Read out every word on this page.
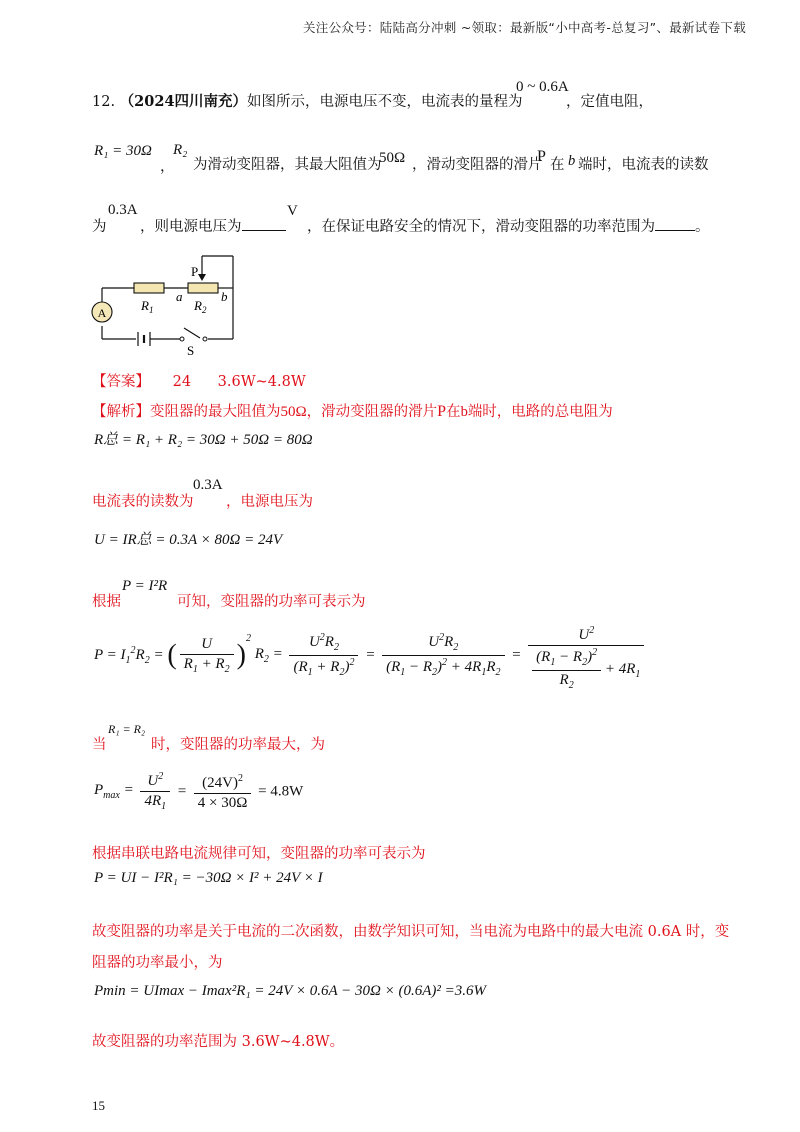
关注公众号：陆陆高分冲刺 ~领取：最新版“小中高考-总复习”、最新试卷下载
12. （2024四川南充）如图所示，电源电压不变，电流表的量程为
0 ~ 0.6A
，定值电阻，
R₁ = 30Ω
，
R₂
为滑动变阻器，其最大阻值为
50Ω ，滑动变阻器的滑片
P 在 b 端时，电流表的读数
为
0.3A
，则电源电压为
V
，在保证电路安全的情况下，滑动变阻器的功率范围为	。
A	$R_1$
a
$R_2$
b
P
S
【答案】 24 3.6W~4.8W
【解析】变阻器的最大阻值为50Ω，滑动变阻器的滑片P在b端时，电路的总电阻为
R总 = R₁ + R₂ = 30Ω + 50Ω = 80Ω
电流表的读数为
0.3A
，电源电压为
U = IR总 = 0.3A × 80Ω = 24V
根据
P = I²R
可知，变阻器的功率可表示为
$P = I_1^2R_2$ = ( $\frac{U}{R_1 + R_2} )^2$ $R_2 = \frac{U^2R_2}{(R_1 + R_2)^2} = \frac{U^2R_2}{(R_1 - R_2)^2 + 4R_1R_2} = \frac{U^2}{\frac{(R_1 - R_2)^2}{R_2} + 4R_1}$
当
R₁ = R₂
时，变阻器的功率最大，为
$P_{max} = \frac{U^2}{4R_1} = \frac{(24V)^2}{4 \times 30\Omega} = 4.8W$
根据串联电路电流规律可知，变阻器的功率可表示为
P = UI − I²R₁ = −30Ω × I² + 24V × I
故变阻器的功率是关于电流的二次函数，由数学知识可知，当电流为电路中的最大电流 0.6A 时，变
阻器的功率最小，为
Pmin = UImax − Imax²R₁ = 24V × 0.6A − 30Ω × (0.6A)² =3.6W
故变阻器的功率范围为 3.6W~4.8W。
15
